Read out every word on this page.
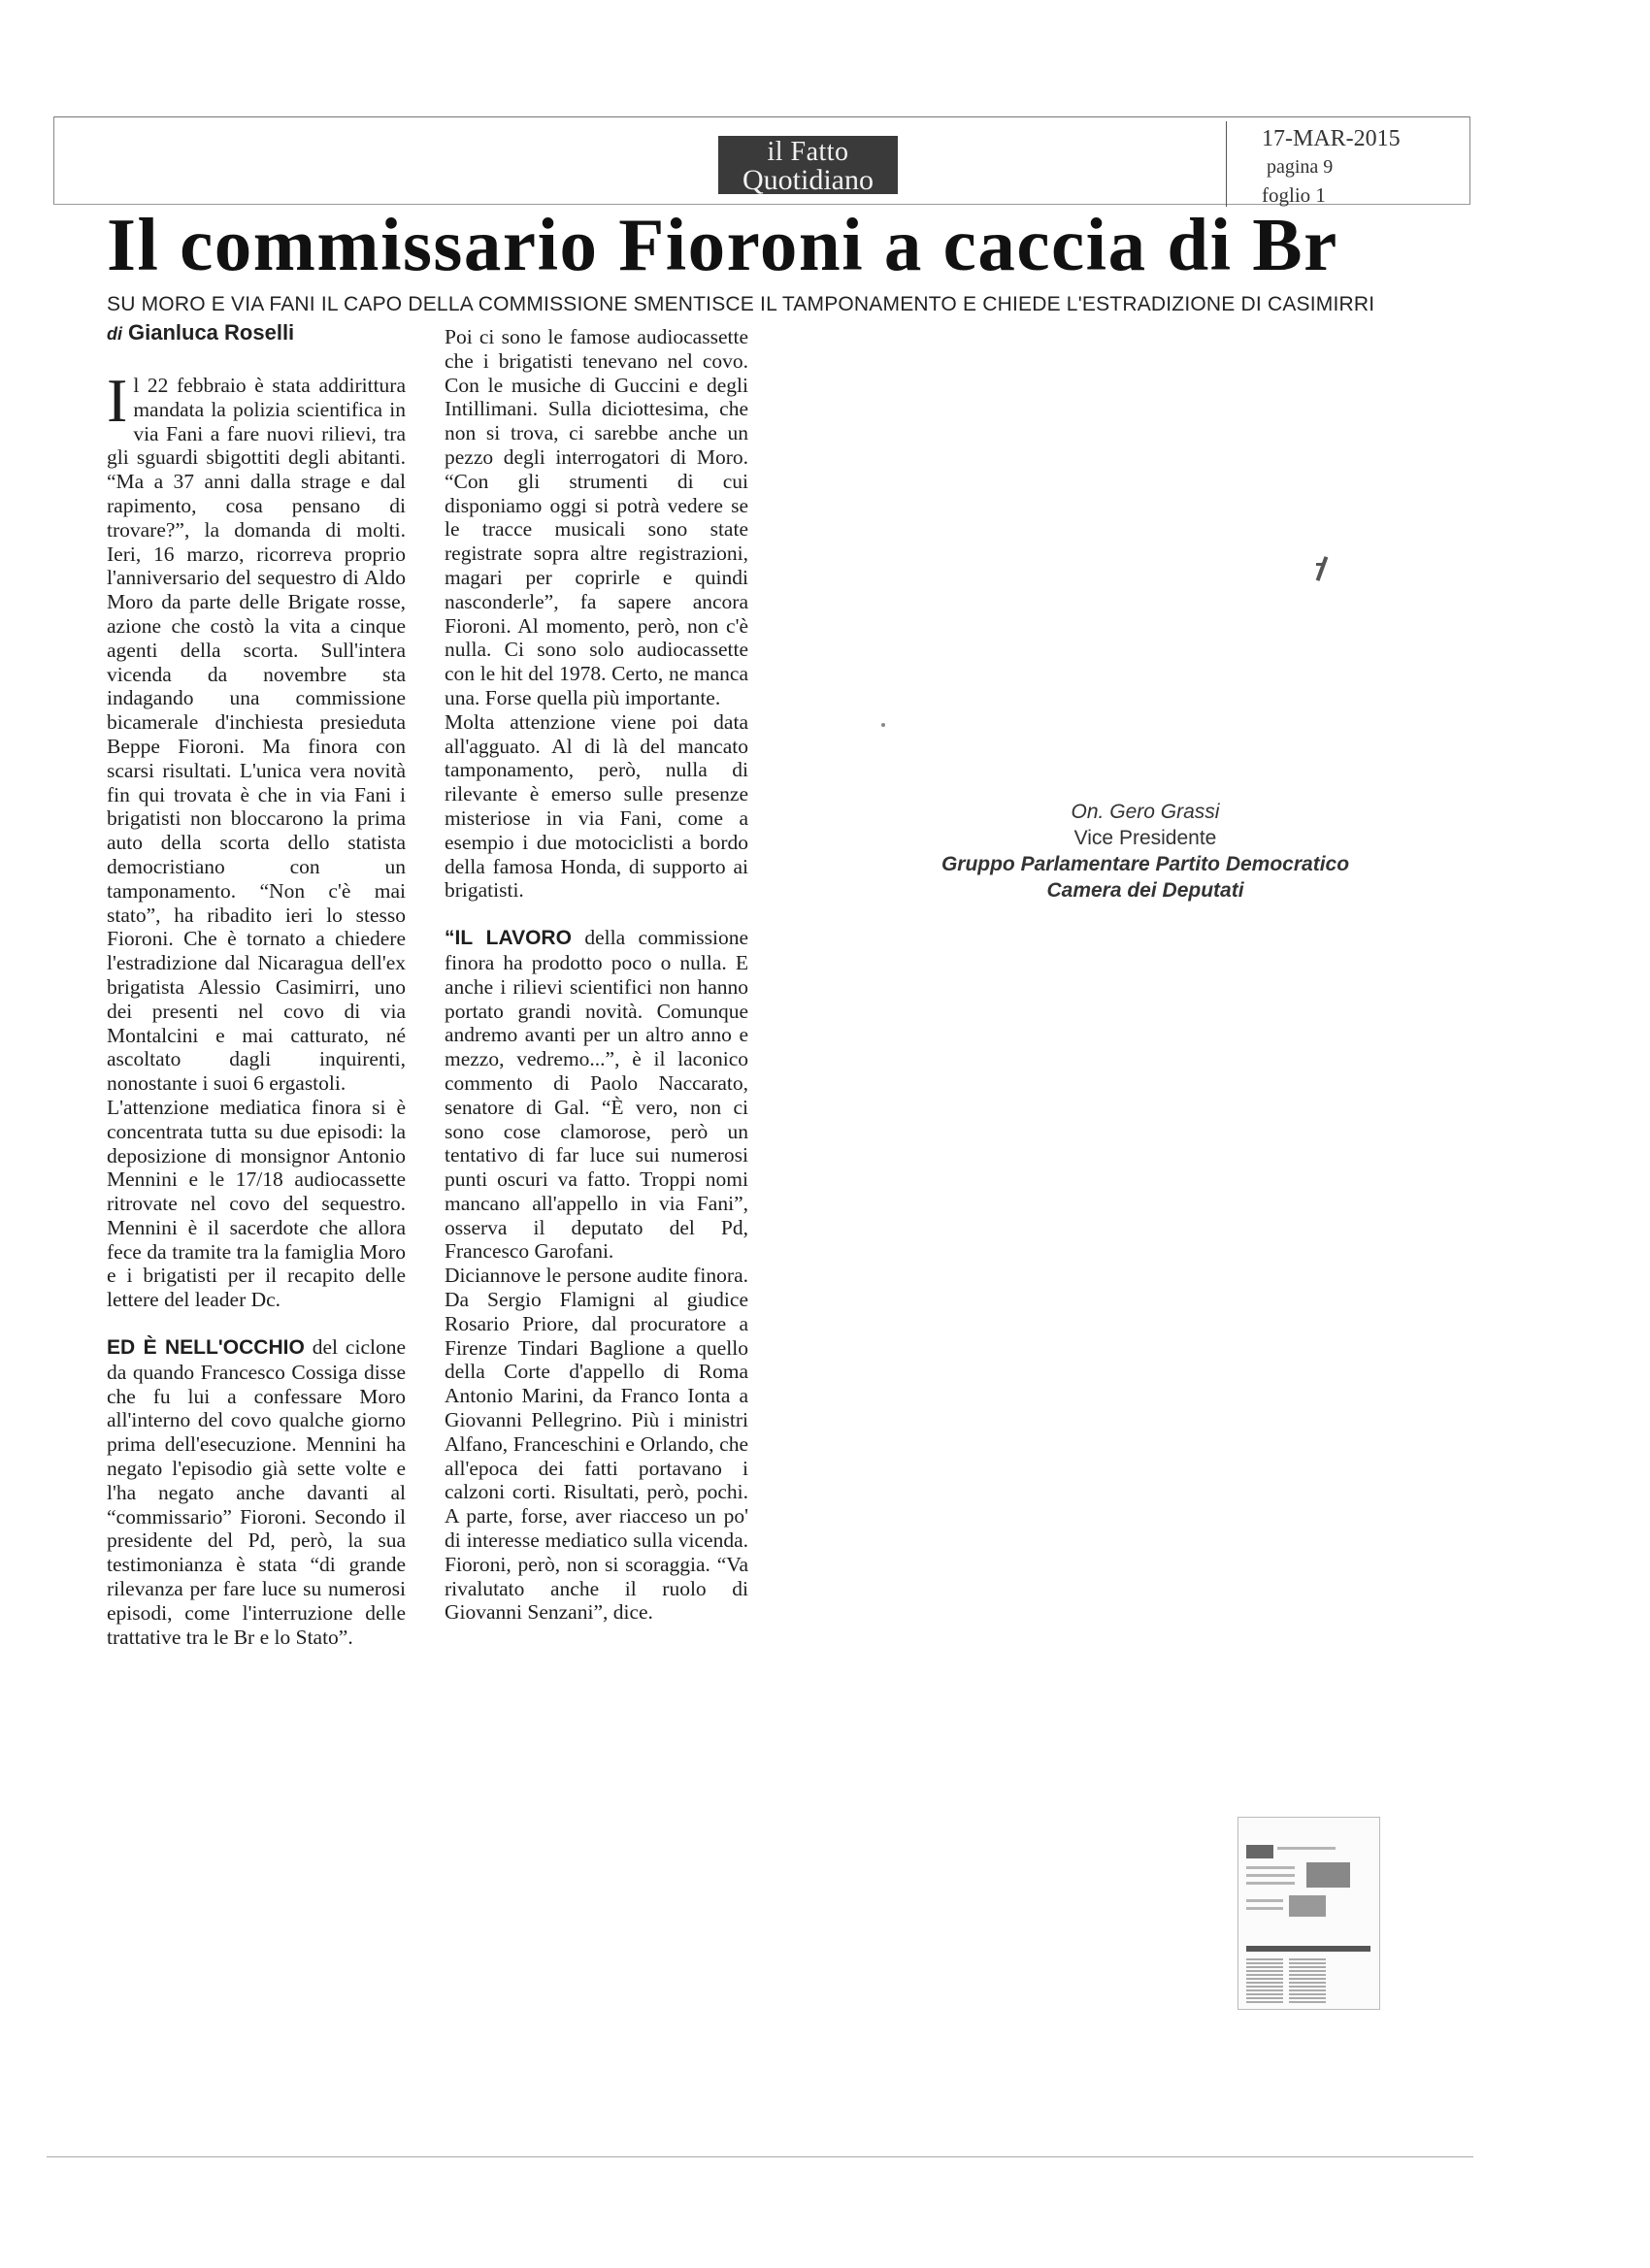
il Fatto
Quotidiano
17-MAR-2015
pagina 9
foglio 1
Il commissario Fioroni a caccia di Br
SU MORO E VIA FANI IL CAPO DELLA COMMISSIONE SMENTISCE IL TAMPONAMENTO E CHIEDE L'ESTRADIZIONE DI CASIMIRRI
di Gianluca Roselli

Il 22 febbraio è stata addirittura mandata la polizia scientifica in via Fani a fare nuovi rilievi, tra gli sguardi sbigottiti degli abitanti. “Ma a 37 anni dalla strage e dal rapimento, cosa pensano di trovare?”, la domanda di molti. Ieri, 16 marzo, ricorreva proprio l'anniversario del sequestro di Aldo Moro da parte delle Brigate rosse, azione che costò la vita a cinque agenti della scorta. Sull'intera vicenda da novembre sta indagando una commissione bicamerale d'inchiesta presieduta Beppe Fioroni. Ma finora con scarsi risultati. L'unica vera novità fin qui trovata è che in via Fani i brigatisti non bloccarono la prima auto della scorta dello statista democristiano con un tamponamento. “Non c'è mai stato”, ha ribadito ieri lo stesso Fioroni. Che è tornato a chiedere l'estradizione dal Nicaragua dell'ex brigatista Alessio Casimirri, uno dei presenti nel covo di via Montalcini e mai catturato, né ascoltato dagli inquirenti, nonostante i suoi 6 ergastoli.

L'attenzione mediatica finora si è concentrata tutta su due episodi: la deposizione di monsignor Antonio Mennini e le 17/18 audiocassette ritrovate nel covo del sequestro. Mennini è il sacerdote che allora fece da tramite tra la famiglia Moro e i brigatisti per il recapito delle lettere del leader Dc.

ED È NELL'OCCHIO del ciclone da quando Francesco Cossiga disse che fu lui a confessare Moro all'interno del covo qualche giorno prima dell'esecuzione. Mennini ha negato l'episodio già sette volte e l'ha negato anche davanti al “commissario” Fioroni. Secondo il presidente del Pd, però, la sua testimonianza è stata “di grande rilevanza per fare luce su numerosi episodi, come l'interruzione delle trattative tra le Br e lo Stato”.

Poi ci sono le famose audiocassette che i brigatisti tenevano nel covo. Con le musiche di Guccini e degli Intillimani. Sulla diciottesima, che non si trova, ci sarebbe anche un pezzo degli interrogatori di Moro. “Con gli strumenti di cui disponiamo oggi si potrà vedere se le tracce musicali sono state registrate sopra altre registrazioni, magari per coprirle e quindi nasconderle”, fa sapere ancora Fioroni. Al momento, però, non c'è nulla. Ci sono solo audiocassette con le hit del 1978. Certo, ne manca una. Forse quella più importante.

Molta attenzione viene poi data all'agguato. Al di là del mancato tamponamento, però, nulla di rilevante è emerso sulle presenze misteriose in via Fani, come a esempio i due motociclisti a bordo della famosa Honda, di supporto ai brigatisti.

“IL LAVORO della commissione finora ha prodotto poco o nulla. E anche i rilievi scientifici non hanno portato grandi novità. Comunque andremo avanti per un altro anno e mezzo, vedremo...”, è il laconico commento di Paolo Naccarato, senatore di Gal. “È vero, non ci sono cose clamorose, però un tentativo di far luce sui numerosi punti oscuri va fatto. Troppi nomi mancano all'appello in via Fani”, osserva il deputato del Pd, Francesco Garofani.

Diciannove le persone audite finora. Da Sergio Flamigni al giudice Rosario Priore, dal procuratore a Firenze Tindari Baglione a quello della Corte d'appello di Roma Antonio Marini, da Franco Ionta a Giovanni Pellegrino. Più i ministri Alfano, Franceschini e Orlando, che all'epoca dei fatti portavano i calzoni corti. Risultati, però, pochi. A parte, forse, aver riacceso un po' di interesse mediatico sulla vicenda. Fioroni, però, non si scoraggia. “Va rivalutato anche il ruolo di Giovanni Senzani”, dice.

On. Gero Grassi
Vice Presidente
Gruppo Parlamentare Partito Democratico
Camera dei Deputati
